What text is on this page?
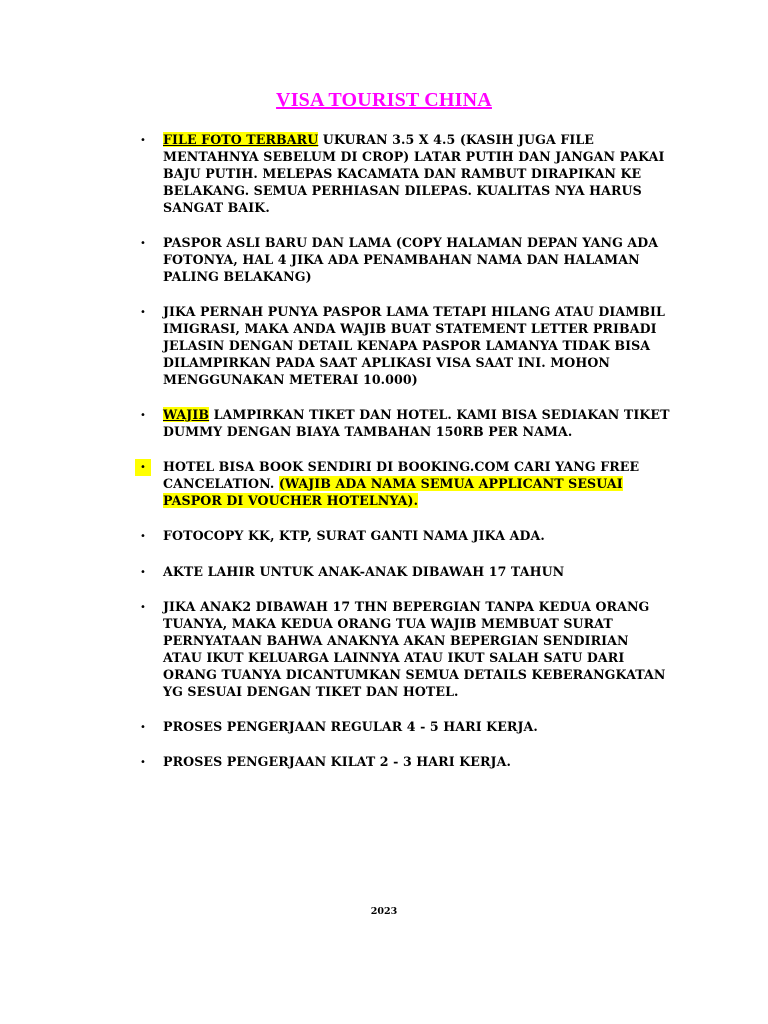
VISA TOURIST CHINA
•	FILE FOTO TERBARU UKURAN 3.5 X 4.5 (KASIH JUGA FILE
MENTAHNYA SEBELUM DI CROP) LATAR PUTIH DAN JANGAN PAKAI
BAJU PUTIH. MELEPAS KACAMATA DAN RAMBUT DIRAPIKAN KE
BELAKANG. SEMUA PERHIASAN DILEPAS. KUALITAS NYA HARUS
SANGAT BAIK.
•	PASPOR ASLI BARU DAN LAMA (COPY HALAMAN DEPAN YANG ADA
FOTONYA, HAL 4 JIKA ADA PENAMBAHAN NAMA DAN HALAMAN
PALING BELAKANG)
•	JIKA PERNAH PUNYA PASPOR LAMA TETAPI HILANG ATAU DIAMBIL
IMIGRASI, MAKA ANDA WAJIB BUAT STATEMENT LETTER PRIBADI
JELASIN DENGAN DETAIL KENAPA PASPOR LAMANYA TIDAK BISA
DILAMPIRKAN PADA SAAT APLIKASI VISA SAAT INI. MOHON
MENGGUNAKAN METERAI 10.000)
•	WAJIB LAMPIRKAN TIKET DAN HOTEL. KAMI BISA SEDIAKAN TIKET
DUMMY DENGAN BIAYA TAMBAHAN 150RB PER NAMA.
•	HOTEL BISA BOOK SENDIRI DI BOOKING.COM CARI YANG FREE
CANCELATION. (WAJIB ADA NAMA SEMUA APPLICANT SESUAI
PASPOR DI VOUCHER HOTELNYA).
•	FOTOCOPY KK, KTP, SURAT GANTI NAMA JIKA ADA.
•	AKTE LAHIR UNTUK ANAK-ANAK DIBAWAH 17 TAHUN
•	JIKA ANAK2 DIBAWAH 17 THN BEPERGIAN TANPA KEDUA ORANG
TUANYA, MAKA KEDUA ORANG TUA WAJIB MEMBUAT SURAT
PERNYATAAN BAHWA ANAKNYA AKAN BEPERGIAN SENDIRIAN
ATAU IKUT KELUARGA LAINNYA ATAU IKUT SALAH SATU DARI
ORANG TUANYA DICANTUMKAN SEMUA DETAILS KEBERANGKATAN
YG SESUAI DENGAN TIKET DAN HOTEL.
•	PROSES PENGERJAAN REGULAR 4 - 5 HARI KERJA.
•	PROSES PENGERJAAN KILAT 2 - 3 HARI KERJA.
2023
